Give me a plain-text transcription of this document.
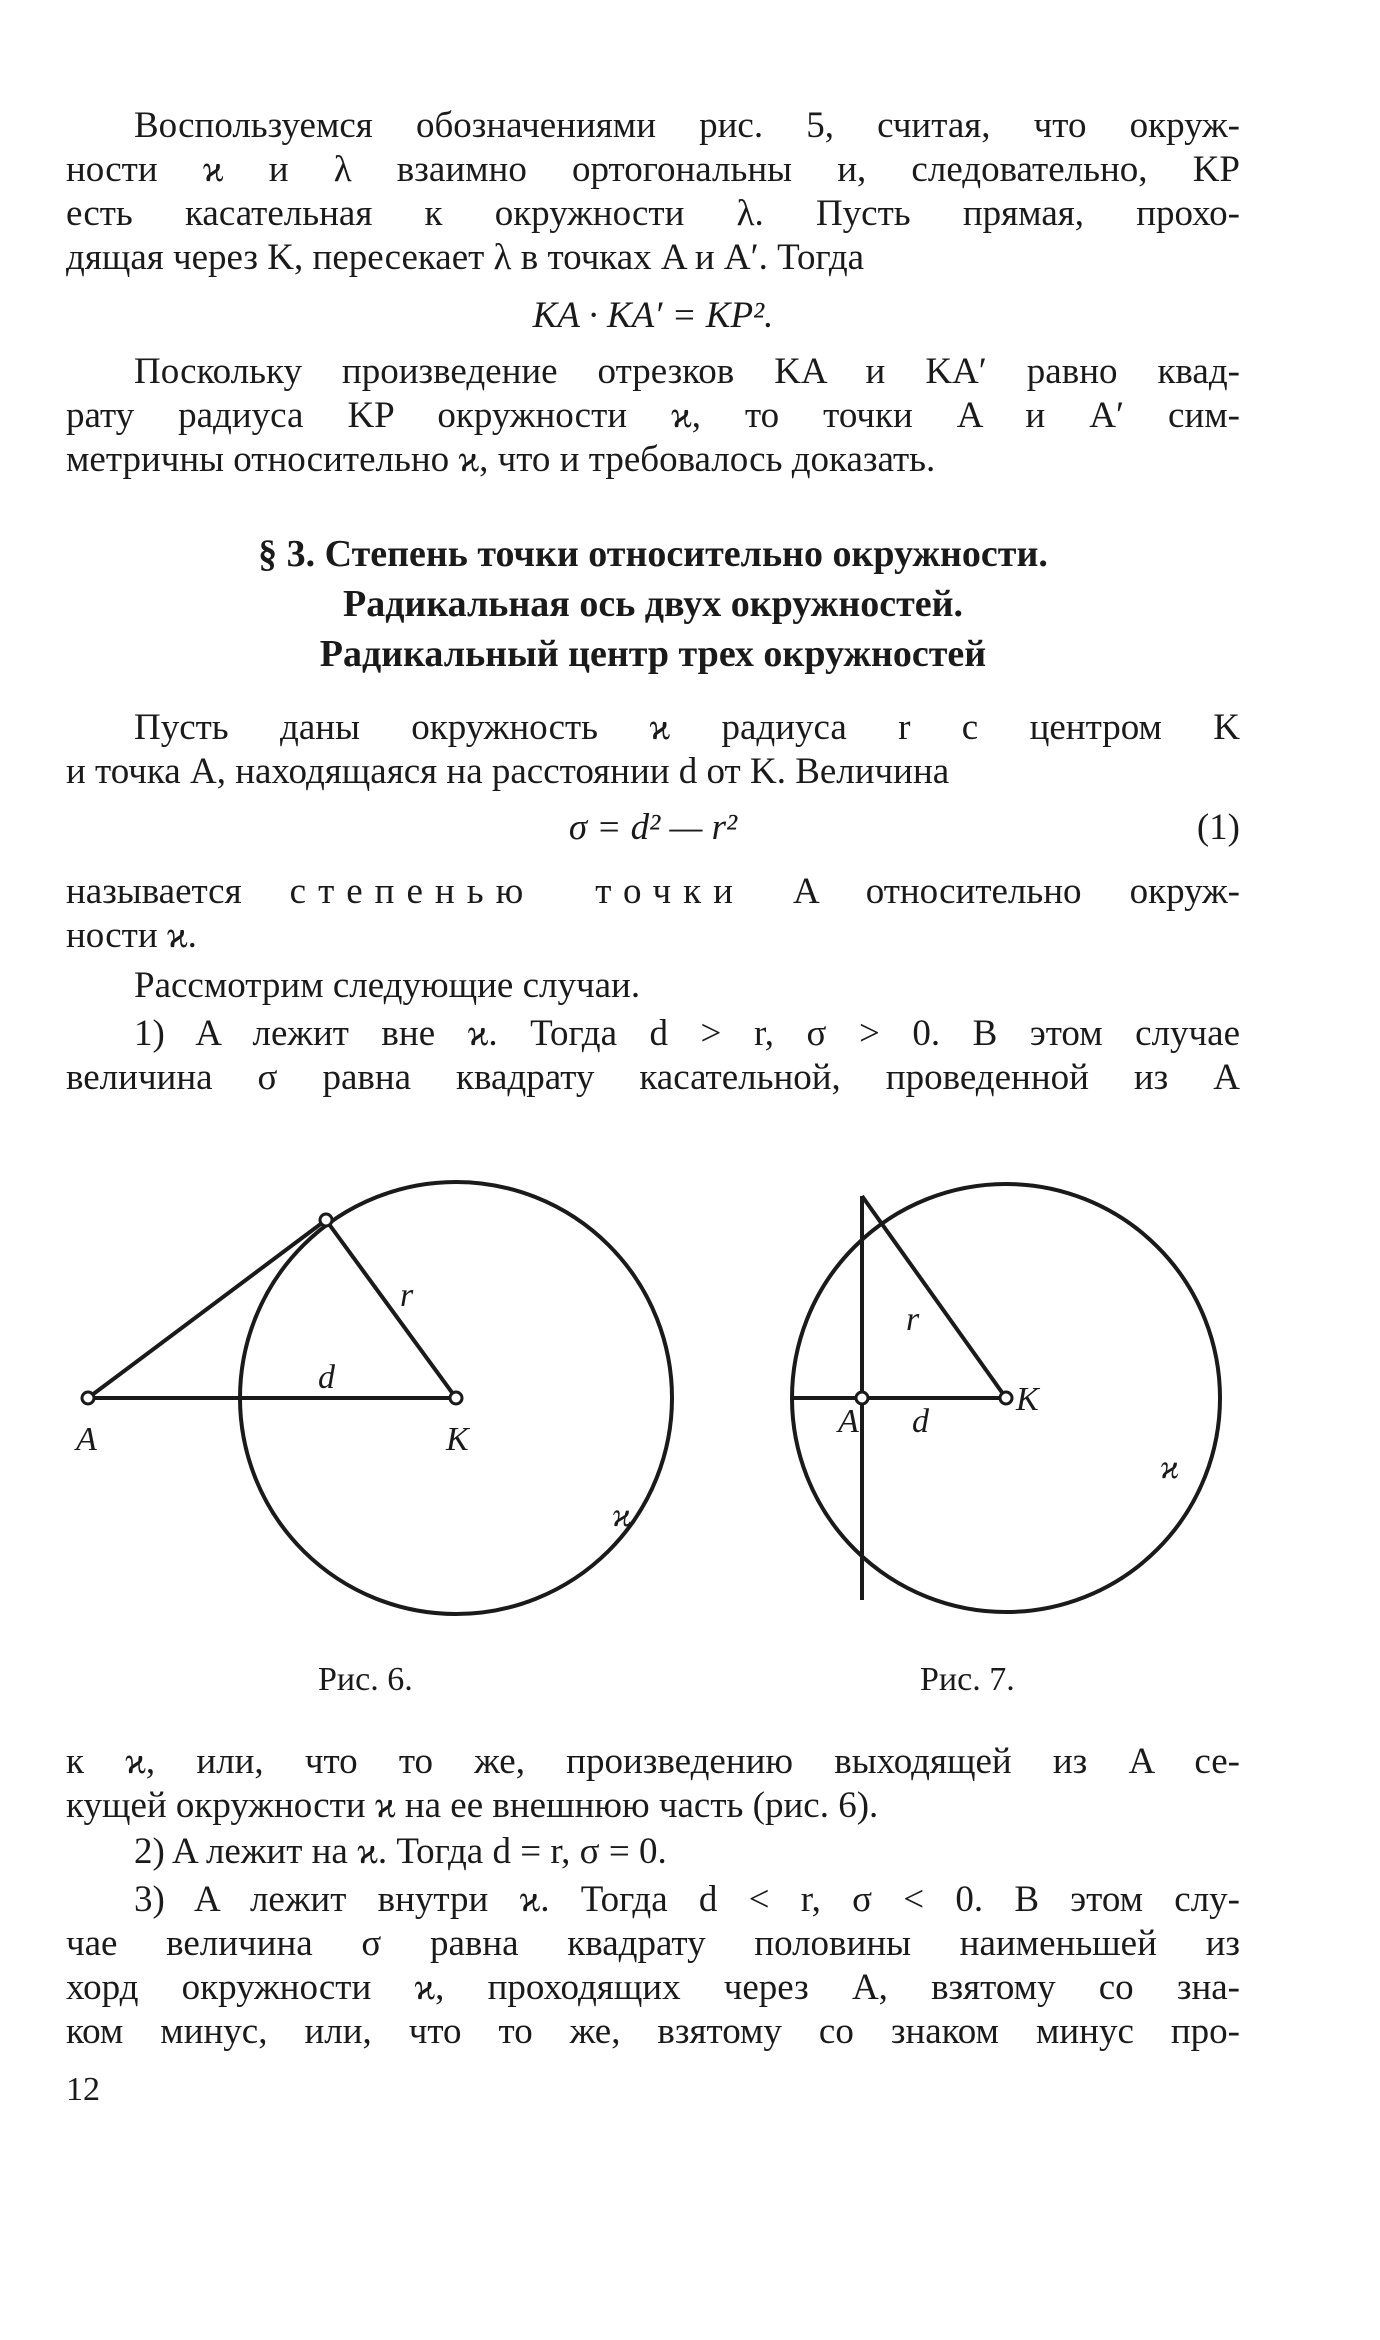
Воспользуемся обозначениями рис. 5, считая, что окруж-
ности ϰ и λ взаимно ортогональны и, следовательно, KP
есть касательная к окружности λ. Пусть прямая, прохо-
дящая через K, пересекает λ в точках A и A′. Тогда
KA · KA′ = KP².
Поскольку произведение отрезков KA и KA′ равно квад-
рату радиуса KP окружности ϰ, то точки A и A′ сим-
метричны относительно ϰ, что и требовалось доказать.
§ 3. Степень точки относительно окружности.
Радикальная ось двух окружностей.
Радикальный центр трех окружностей
Пусть даны окружность ϰ радиуса r с центром K
и точка A, находящаяся на расстоянии d от K. Величина
σ = d² — r²	(1)
называется степенью точки A относительно окруж-
ности ϰ.
Рассмотрим следующие случаи.
1) A лежит вне ϰ. Тогда d > r, σ > 0. В этом случае
величина σ равна квадрату касательной, проведенной из A
A	K
r
d
ϰ
A
K
r
d
ϰ
Рис. 6.	Рис. 7.
к ϰ, или, что то же, произведению выходящей из A се-
кущей окружности ϰ на ее внешнюю часть (рис. 6).
2) A лежит на ϰ. Тогда d = r, σ = 0.
3) A лежит внутри ϰ. Тогда d < r, σ < 0. В этом слу-
чае величина σ равна квадрату половины наименьшей из
хорд окружности ϰ, проходящих через A, взятому со зна-
ком минус, или, что то же, взятому со знаком минус про-
12
